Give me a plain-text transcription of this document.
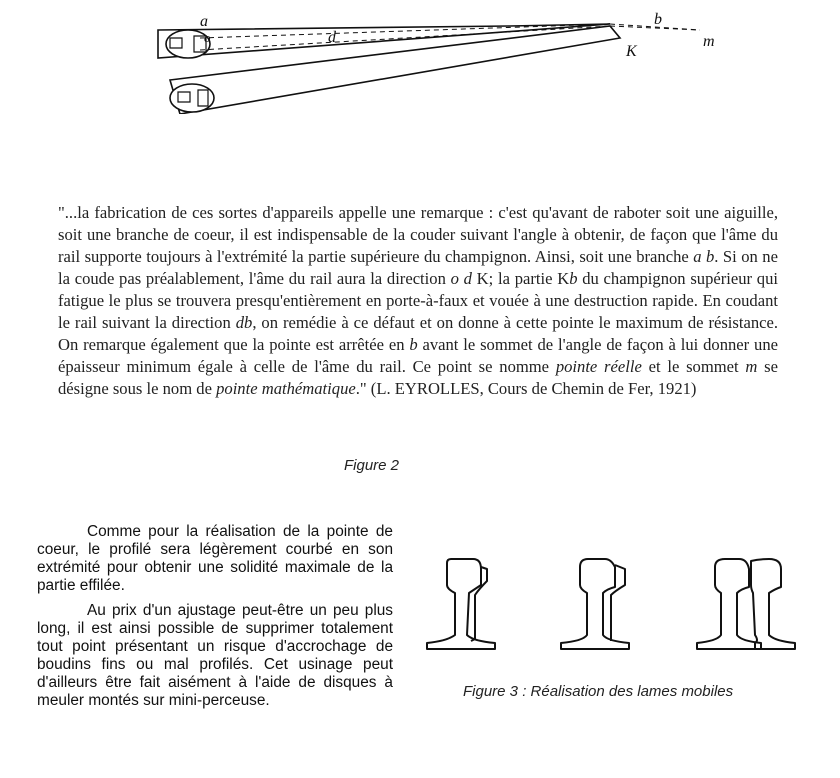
a
o	d
b
K
m
"...la fabrication de ces sortes d'appareils appelle une remarque : c'est qu'avant de raboter soit une aiguille, soit une branche de coeur, il est indispensable de la couder suivant l'angle à obtenir, de façon que l'âme du rail supporte toujours à l'extrémité la partie supérieure du champignon. Ainsi, soit une branche a b. Si on ne la coude pas préalablement, l'âme du rail aura la direction o d K; la partie Kb du champignon supérieur qui fatigue le plus se trouvera presqu'entièrement en porte-à-faux et vouée à une destruction rapide. En coudant le rail suivant la direction db, on remédie à ce défaut et on donne à cette pointe le maximum de résistance. On remarque également que la pointe est arrêtée en b avant le sommet de l'angle de façon à lui donner une épaisseur minimum égale à celle de l'âme du rail. Ce point se nomme pointe réelle et le sommet m se désigne sous le nom de pointe mathématique." (L. EYROLLES, Cours de Chemin de Fer, 1921)
Figure 2

Comme pour la réalisation de la pointe de coeur, le profilé sera légèrement courbé en son extrémité pour obtenir une solidité maximale de la partie effilée.

Au prix d'un ajustage peut-être un peu plus long, il est ainsi possible de supprimer totalement tout point présentant un risque d'accrochage de boudins fins ou mal profilés. Cet usinage peut d'ailleurs être fait aisément à l'aide de disques à meuler montés sur mini-perceuse.

Figure 3 : Réalisation des lames mobiles
